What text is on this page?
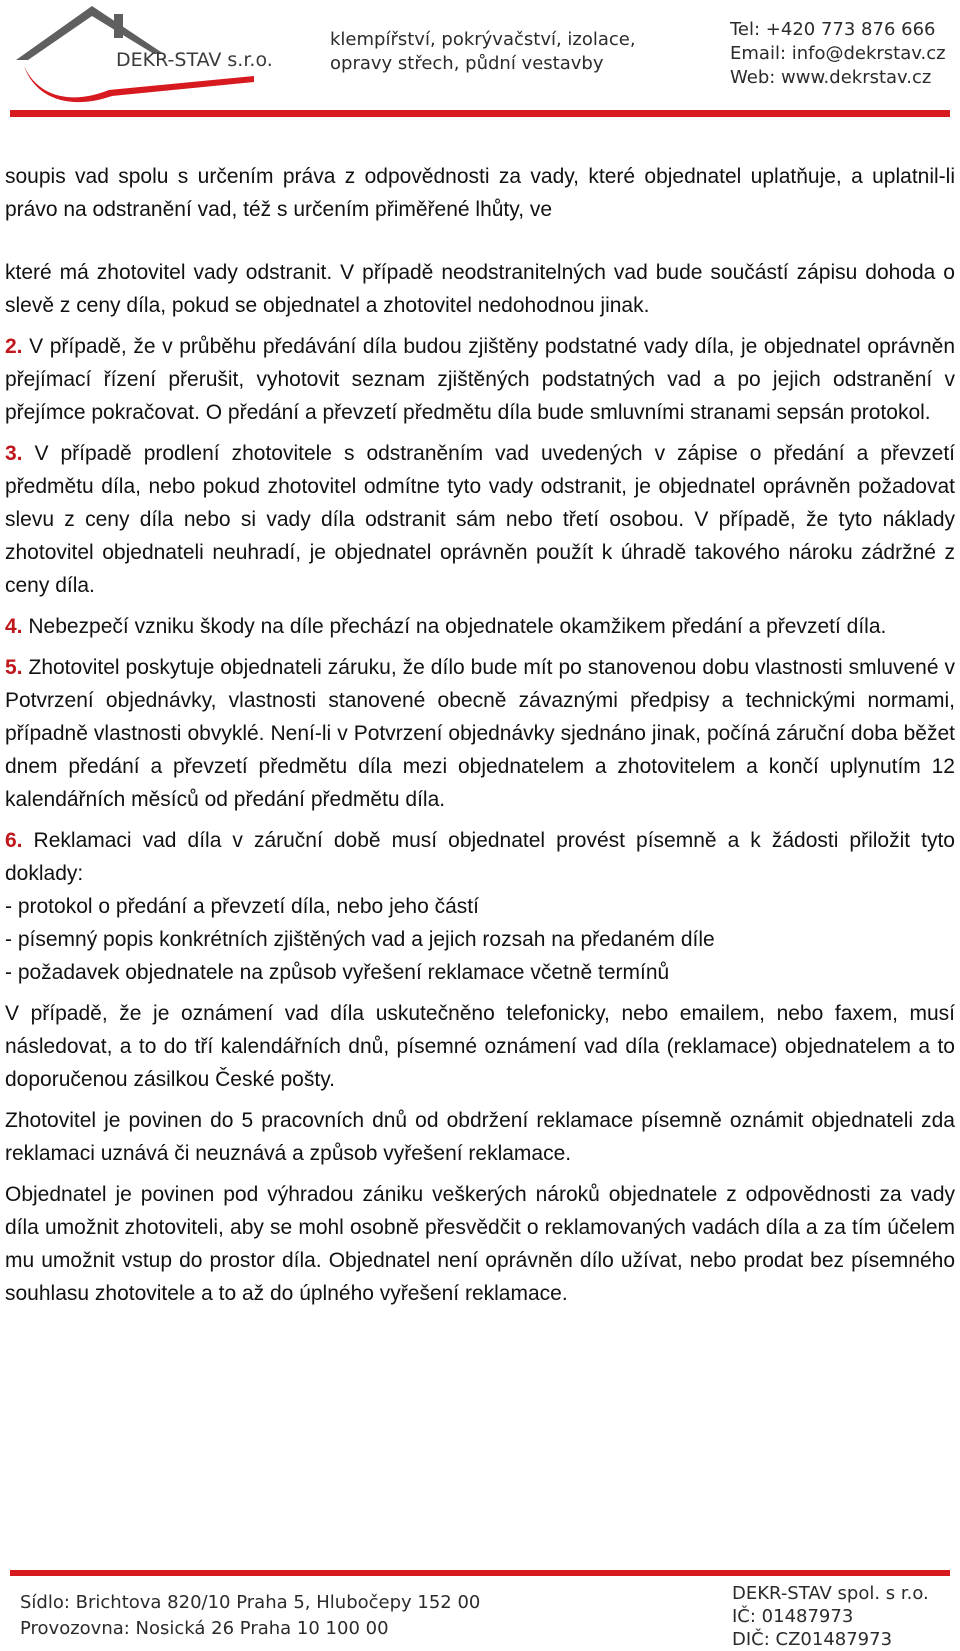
DEKR-STAV s.r.o.
klempířství, pokrývačství, izolace,
opravy střech, půdní vestavby
Tel: +420 773 876 666
Email: info@dekrstav.cz
Web: www.dekrstav.cz

soupis vad spolu s určením práva z odpovědnosti za vady, které objednatel uplatňuje, a uplatnil-li právo na odstranění vad, též s určením přiměřené lhůty, ve

které má zhotovitel vady odstranit. V případě neodstranitelných vad bude součástí zápisu dohoda o slevě z ceny díla, pokud se objednatel a zhotovitel nedohodnou jinak.

2. V případě, že v průběhu předávání díla budou zjištěny podstatné vady díla, je objednatel oprávněn přejímací řízení přerušit, vyhotovit seznam zjištěných podstatných vad a po jejich odstranění v přejímce pokračovat. O předání a převzetí předmětu díla bude smluvními stranami sepsán protokol.

3. V případě prodlení zhotovitele s odstraněním vad uvedených v zápise o předání a převzetí předmětu díla, nebo pokud zhotovitel odmítne tyto vady odstranit, je objednatel oprávněn požadovat slevu z ceny díla nebo si vady díla odstranit sám nebo třetí osobou. V případě, že tyto náklady zhotovitel objednateli neuhradí, je objednatel oprávněn použít k úhradě takového nároku zádržné z ceny díla.

4. Nebezpečí vzniku škody na díle přechází na objednatele okamžikem předání a převzetí díla.

5. Zhotovitel poskytuje objednateli záruku, že dílo bude mít po stanovenou dobu vlastnosti smluvené v Potvrzení objednávky, vlastnosti stanovené obecně závaznými předpisy a technickými normami, případně vlastnosti obvyklé. Není-li v Potvrzení objednávky sjednáno jinak, počíná záruční doba běžet dnem předání a převzetí předmětu díla mezi objednatelem a zhotovitelem a končí uplynutím 12 kalendářních měsíců od předání předmětu díla.

6. Reklamaci vad díla v záruční době musí objednatel provést písemně a k žádosti přiložit tyto doklady:

- protokol o předání a převzetí díla, nebo jeho částí

- písemný popis konkrétních zjištěných vad a jejich rozsah na předaném díle

- požadavek objednatele na způsob vyřešení reklamace včetně termínů

V případě, že je oznámení vad díla uskutečněno telefonicky, nebo emailem, nebo faxem, musí následovat, a to do tří kalendářních dnů, písemné oznámení vad díla (reklamace) objednatelem a to doporučenou zásilkou České pošty.

Zhotovitel je povinen do 5 pracovních dnů od obdržení reklamace písemně oznámit objednateli zda reklamaci uznává či neuznává a způsob vyřešení reklamace.

Objednatel je povinen pod výhradou zániku veškerých nároků objednatele z odpovědnosti za vady díla umožnit zhotoviteli, aby se mohl osobně přesvědčit o reklamovaných vadách díla a za tím účelem mu umožnit vstup do prostor díla. Objednatel není oprávněn dílo užívat, nebo prodat bez písemného souhlasu zhotovitele a to až do úplného vyřešení reklamace.

Sídlo: Brichtova 820/10 Praha 5, Hlubočepy 152 00
Provozovna: Nosická 26 Praha 10 100 00
DEKR-STAV spol. s r.o.
IČ: 01487973
DIČ: CZ01487973
